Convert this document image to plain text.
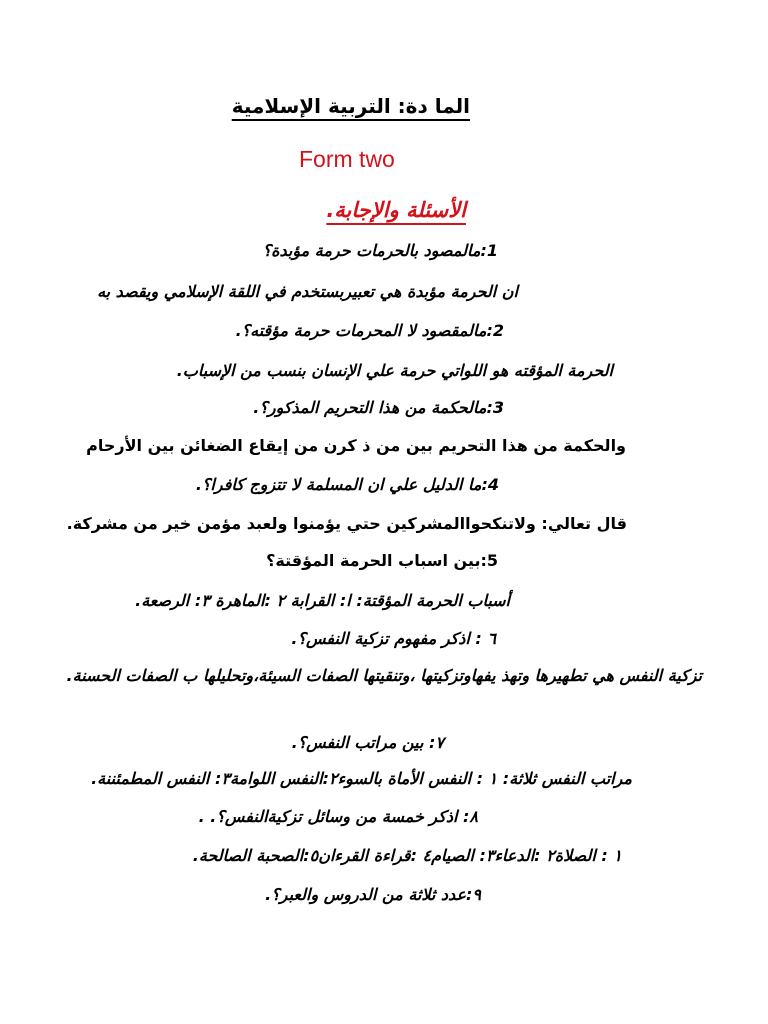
الما دة: التربية الإسلامية
Form two
الأسئلة والإجابة.
1:مالمصود بالحرمات حرمة مؤبدة؟
ان الحرمة مؤبدة هي تعبيربستخدم في اللقة الإسلامي ويقصد به
2:مالمقصود لا المحرمات حرمة مؤقته؟.
الحرمة المؤقته هو اللواتي حرمة علي الإنسان بنسب من الإسباب.
3:مالحكمة من هذا التحريم المذكور؟.
والحكمة من هذا التحريم بين من ذ كرن من إيقاع الضغائن بين الأرحام
4:ما الدليل علي ان المسلمة لا تتزوج كافرا؟.
قال تعالي: ولاتنكحواالمشركين حتي يؤمنوا ولعبد مؤمن خير من مشركة.
5:بين اسباب الحرمة المؤقتة؟
أسباب الحرمة المؤقتة: ا: القرابة ٢ :الماهرة ٣: الرصعة.
٦ : اذكر مفهوم تزكية النفس؟.
تزكية النفس هي تطهيرها وتهذ يفهاوتزكيتها ،وتنقيتها الصفات السيئة،وتحليلها ب الصفات الحسنة.
٧: بين مراتب النفس؟.
مراتب النفس ثلاثة: ١ : النفس الأماة بالسوء٢:النفس اللوامة٣: النفس المطمئننة.
٨: اذكر خمسة من وسائل تزكيةالنفس؟. .
١ : الصلاة٢ :الدعاء٣: الصيام٤ :قراءة القرءان٥:الصحبة الصالحة.
٩:عدد ثلاثة من الدروس والعبر؟.
